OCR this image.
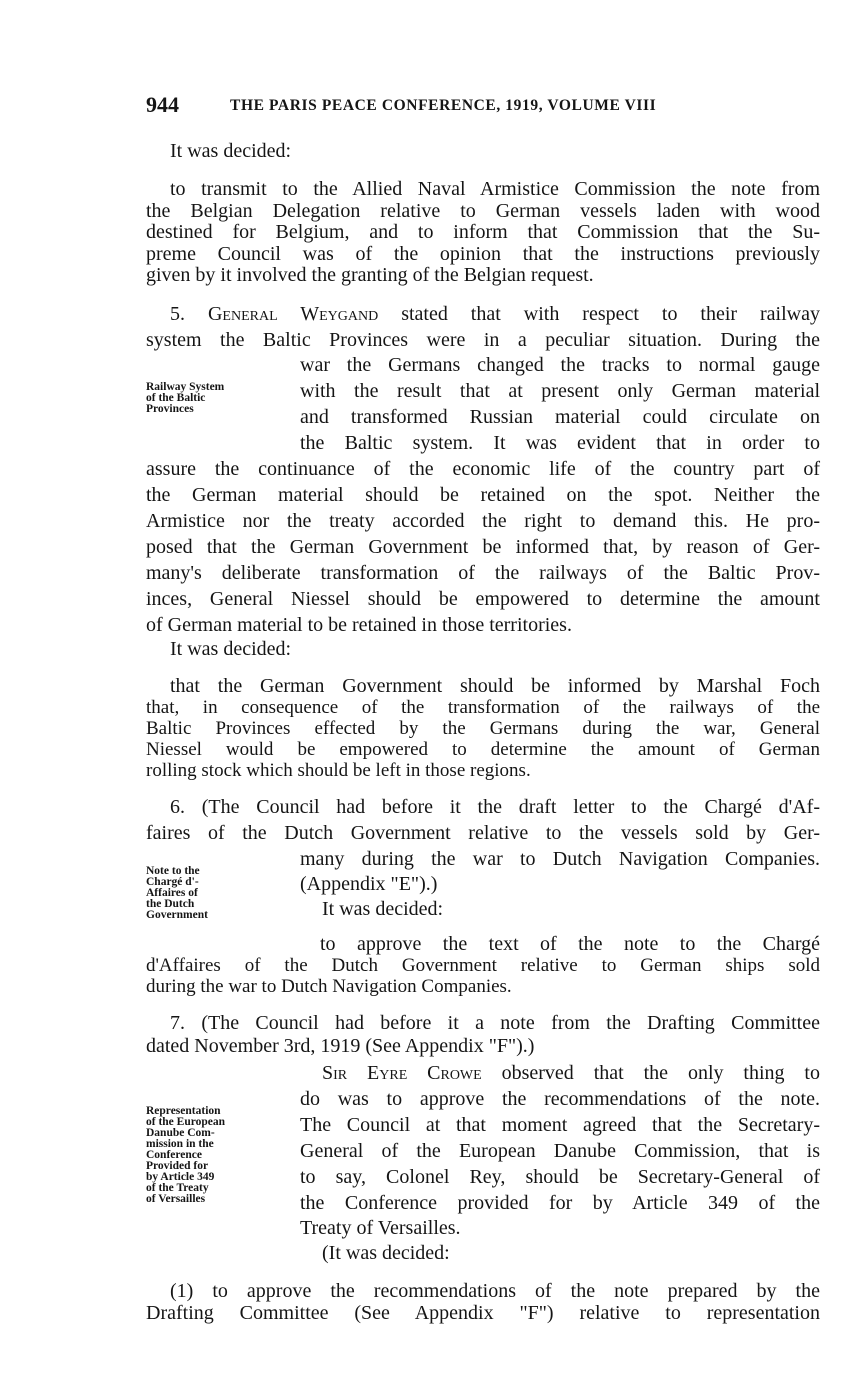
944	THE PARIS PEACE CONFERENCE, 1919, VOLUME VIII
It was decided:
to transmit to the Allied Naval Armistice Commission the note from
the Belgian Delegation relative to German vessels laden with wood
destined for Belgium, and to inform that Commission that the Su-
preme Council was of the opinion that the instructions previously
given by it involved the granting of the Belgian request.
5. General Weygand stated that with respect to their railway
system the Baltic Provinces were in a peculiar situation. During the
war the Germans changed the tracks to normal gauge
with the result that at present only German material
and transformed Russian material could circulate on
the Baltic system. It was evident that in order to
assure the continuance of the economic life of the country part of
the German material should be retained on the spot. Neither the
Armistice nor the treaty accorded the right to demand this. He pro-
posed that the German Government be informed that, by reason of Ger-
many's deliberate transformation of the railways of the Baltic Prov-
inces, General Niessel should be empowered to determine the amount
of German material to be retained in those territories.
It was decided:
Railway System
of the Baltic
Provinces
that the German Government should be informed by Marshal Foch
that, in consequence of the transformation of the railways of the
Baltic Provinces effected by the Germans during the war, General
Niessel would be empowered to determine the amount of German
rolling stock which should be left in those regions.
6. (The Council had before it the draft letter to the Chargé d'Af-
faires of the Dutch Government relative to the vessels sold by Ger-
many during the war to Dutch Navigation Companies.
(Appendix "E").)
It was decided:
Note to the
Chargé d'-
Affaires of
the Dutch
Government
to approve the text of the note to the Chargé
d'Affaires of the Dutch Government relative to German ships sold
during the war to Dutch Navigation Companies.
7. (The Council had before it a note from the Drafting Committee
dated November 3rd, 1919 (See Appendix "F").)
Sir Eyre Crowe observed that the only thing to
do was to approve the recommendations of the note.
The Council at that moment agreed that the Secretary-
General of the European Danube Commission, that is
to say, Colonel Rey, should be Secretary-General of
the Conference provided for by Article 349 of the
Treaty of Versailles.
(It was decided:
Representation
of the European
Danube Com-
mission in the
Conference
Provided for
by Article 349
of the Treaty
of Versailles
(1) to approve the recommendations of the note prepared by the
Drafting Committee (See Appendix "F") relative to representation
